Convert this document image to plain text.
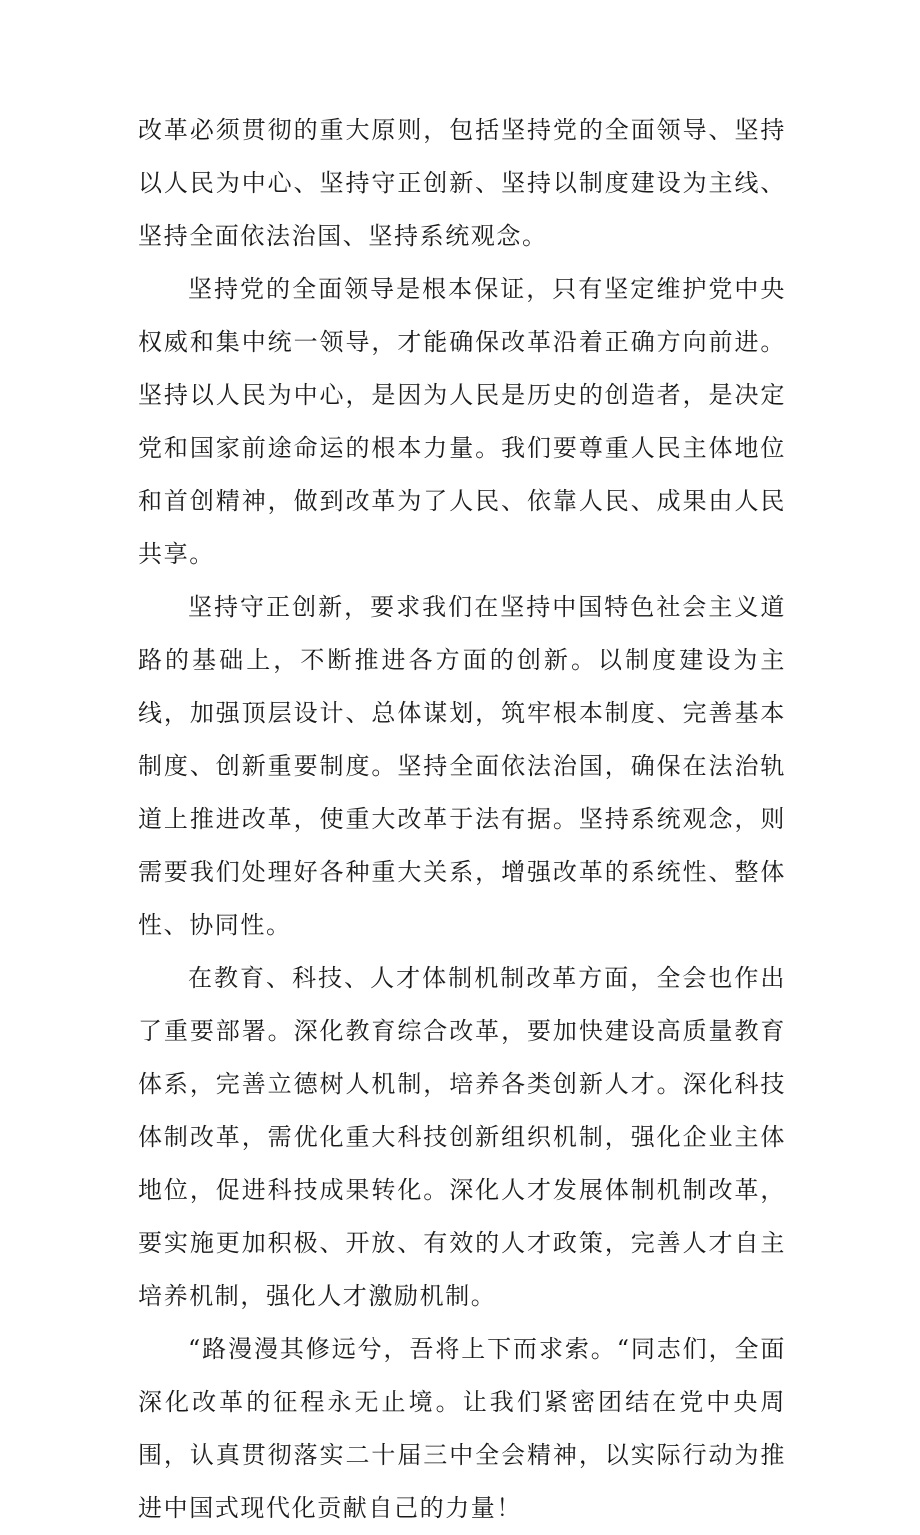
改革必须贯彻的重大原则，包括坚持党的全面领导、坚持以人民为中心、坚持守正创新、坚持以制度建设为主线、坚持全面依法治国、坚持系统观念。

坚持党的全面领导是根本保证，只有坚定维护党中央权威和集中统一领导，才能确保改革沿着正确方向前进。坚持以人民为中心，是因为人民是历史的创造者，是决定党和国家前途命运的根本力量。我们要尊重人民主体地位和首创精神，做到改革为了人民、依靠人民、成果由人民共享。

坚持守正创新，要求我们在坚持中国特色社会主义道路的基础上，不断推进各方面的创新。以制度建设为主线，加强顶层设计、总体谋划，筑牢根本制度、完善基本制度、创新重要制度。坚持全面依法治国，确保在法治轨道上推进改革，使重大改革于法有据。坚持系统观念，则需要我们处理好各种重大关系，增强改革的系统性、整体性、协同性。

在教育、科技、人才体制机制改革方面，全会也作出了重要部署。深化教育综合改革，要加快建设高质量教育体系，完善立德树人机制，培养各类创新人才。深化科技体制改革，需优化重大科技创新组织机制，强化企业主体地位，促进科技成果转化。深化人才发展体制机制改革，要实施更加积极、开放、有效的人才政策，完善人才自主培养机制，强化人才激励机制。

“路漫漫其修远兮，吾将上下而求索。“同志们，全面深化改革的征程永无止境。让我们紧密团结在党中央周围，认真贯彻落实二十届三中全会精神，以实际行动为推进中国式现代化贡献自己的力量！
